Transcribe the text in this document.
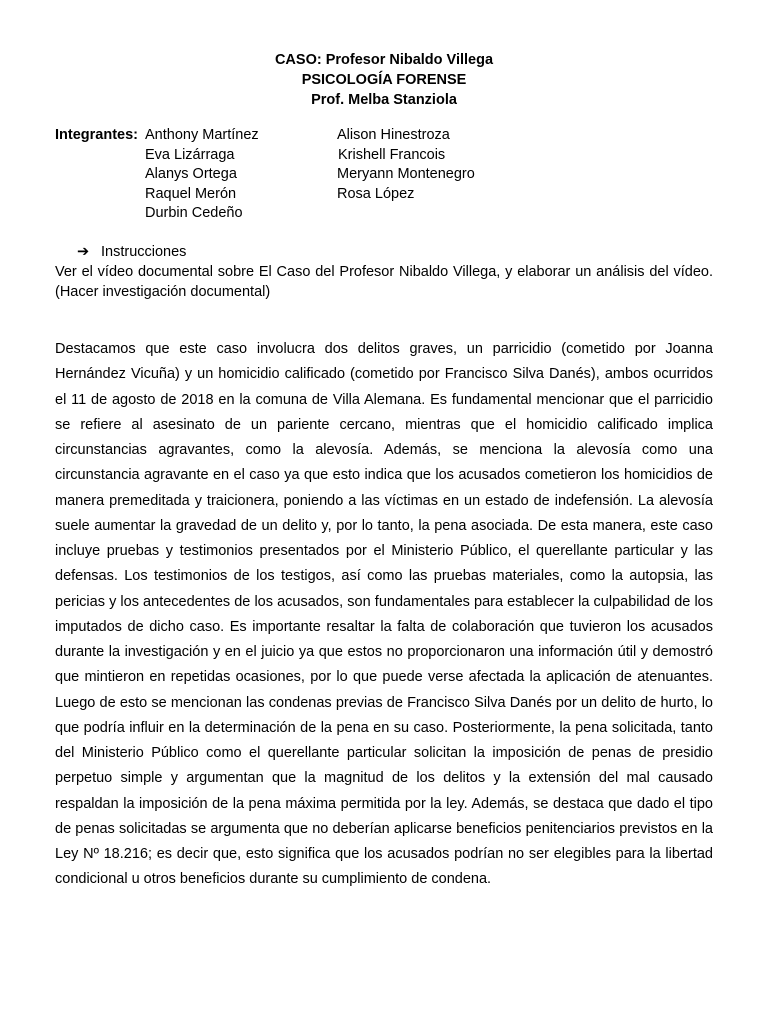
CASO: Profesor Nibaldo Villega
PSICOLOGÍA FORENSE
Prof. Melba Stanziola
Integrantes: Anthony Martínez	Alison Hinestroza
Eva Lizárraga	Krishell Francois
Alanys Ortega	Meryann Montenegro
Raquel Merón	Rosa López
Durbin Cedeño
➔ Instrucciones

Ver el vídeo documental sobre El Caso del Profesor Nibaldo Villega, y elaborar un análisis del vídeo. (Hacer investigación documental)

Destacamos que este caso involucra dos delitos graves, un parricidio (cometido por Joanna Hernández Vicuña) y un homicidio calificado (cometido por Francisco Silva Danés), ambos ocurridos el 11 de agosto de 2018 en la comuna de Villa Alemana. Es fundamental mencionar que el parricidio se refiere al asesinato de un pariente cercano, mientras que el homicidio calificado implica circunstancias agravantes, como la alevosía. Además, se menciona la alevosía como una circunstancia agravante en el caso ya que esto indica que los acusados cometieron los homicidios de manera premeditada y traicionera, poniendo a las víctimas en un estado de indefensión. La alevosía suele aumentar la gravedad de un delito y, por lo tanto, la pena asociada. De esta manera, este caso incluye pruebas y testimonios presentados por el Ministerio Público, el querellante particular y las defensas. Los testimonios de los testigos, así como las pruebas materiales, como la autopsia, las pericias y los antecedentes de los acusados, son fundamentales para establecer la culpabilidad de los imputados de dicho caso. Es importante resaltar la falta de colaboración que tuvieron los acusados durante la investigación y en el juicio ya que estos no proporcionaron una información útil y demostró que mintieron en repetidas ocasiones, por lo que puede verse afectada la aplicación de atenuantes. Luego de esto se mencionan las condenas previas de Francisco Silva Danés por un delito de hurto, lo que podría influir en la determinación de la pena en su caso. Posteriormente, la pena solicitada, tanto del Ministerio Público como el querellante particular solicitan la imposición de penas de presidio perpetuo simple y argumentan que la magnitud de los delitos y la extensión del mal causado respaldan la imposición de la pena máxima permitida por la ley. Además, se destaca que dado el tipo de penas solicitadas se argumenta que no deberían aplicarse beneficios penitenciarios previstos en la Ley Nº 18.216; es decir que, esto significa que los acusados podrían no ser elegibles para la libertad condicional u otros beneficios durante su cumplimiento de condena.
